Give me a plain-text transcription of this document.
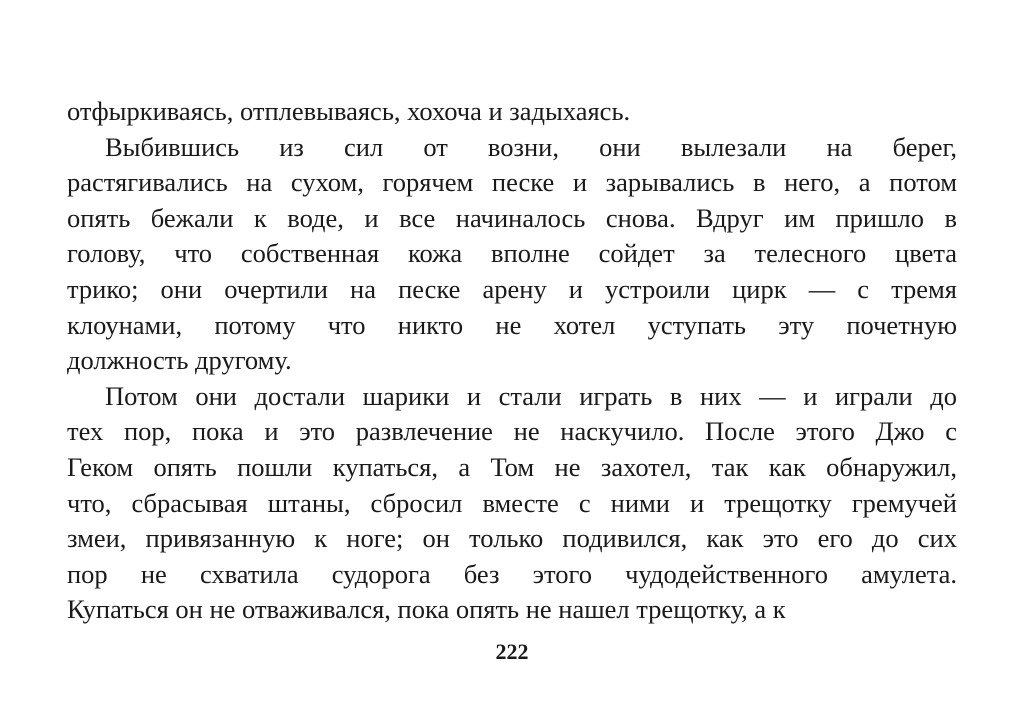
отфыркиваясь, отплевываясь, хохоча и задыхаясь.
Выбившись из сил от возни, они вылезали на берег,
растягивались на сухом, горячем песке и зарывались в него, а потом
опять бежали к воде, и все начиналось снова. Вдруг им пришло в
голову, что собственная кожа вполне сойдет за телесного цвета
трико; они очертили на песке арену и устроили цирк — с тремя
клоунами, потому что никто не хотел уступать эту почетную
должность другому.
Потом они достали шарики и стали играть в них — и играли до
тех пор, пока и это развлечение не наскучило. После этого Джо с
Геком опять пошли купаться, а Том не захотел, так как обнаружил,
что, сбрасывая штаны, сбросил вместе с ними и трещотку гремучей
змеи, привязанную к ноге; он только подивился, как это его до сих
пор не схватила судорога без этого чудодейственного амулета.
Купаться он не отваживался, пока опять не нашел трещотку, а к
222
